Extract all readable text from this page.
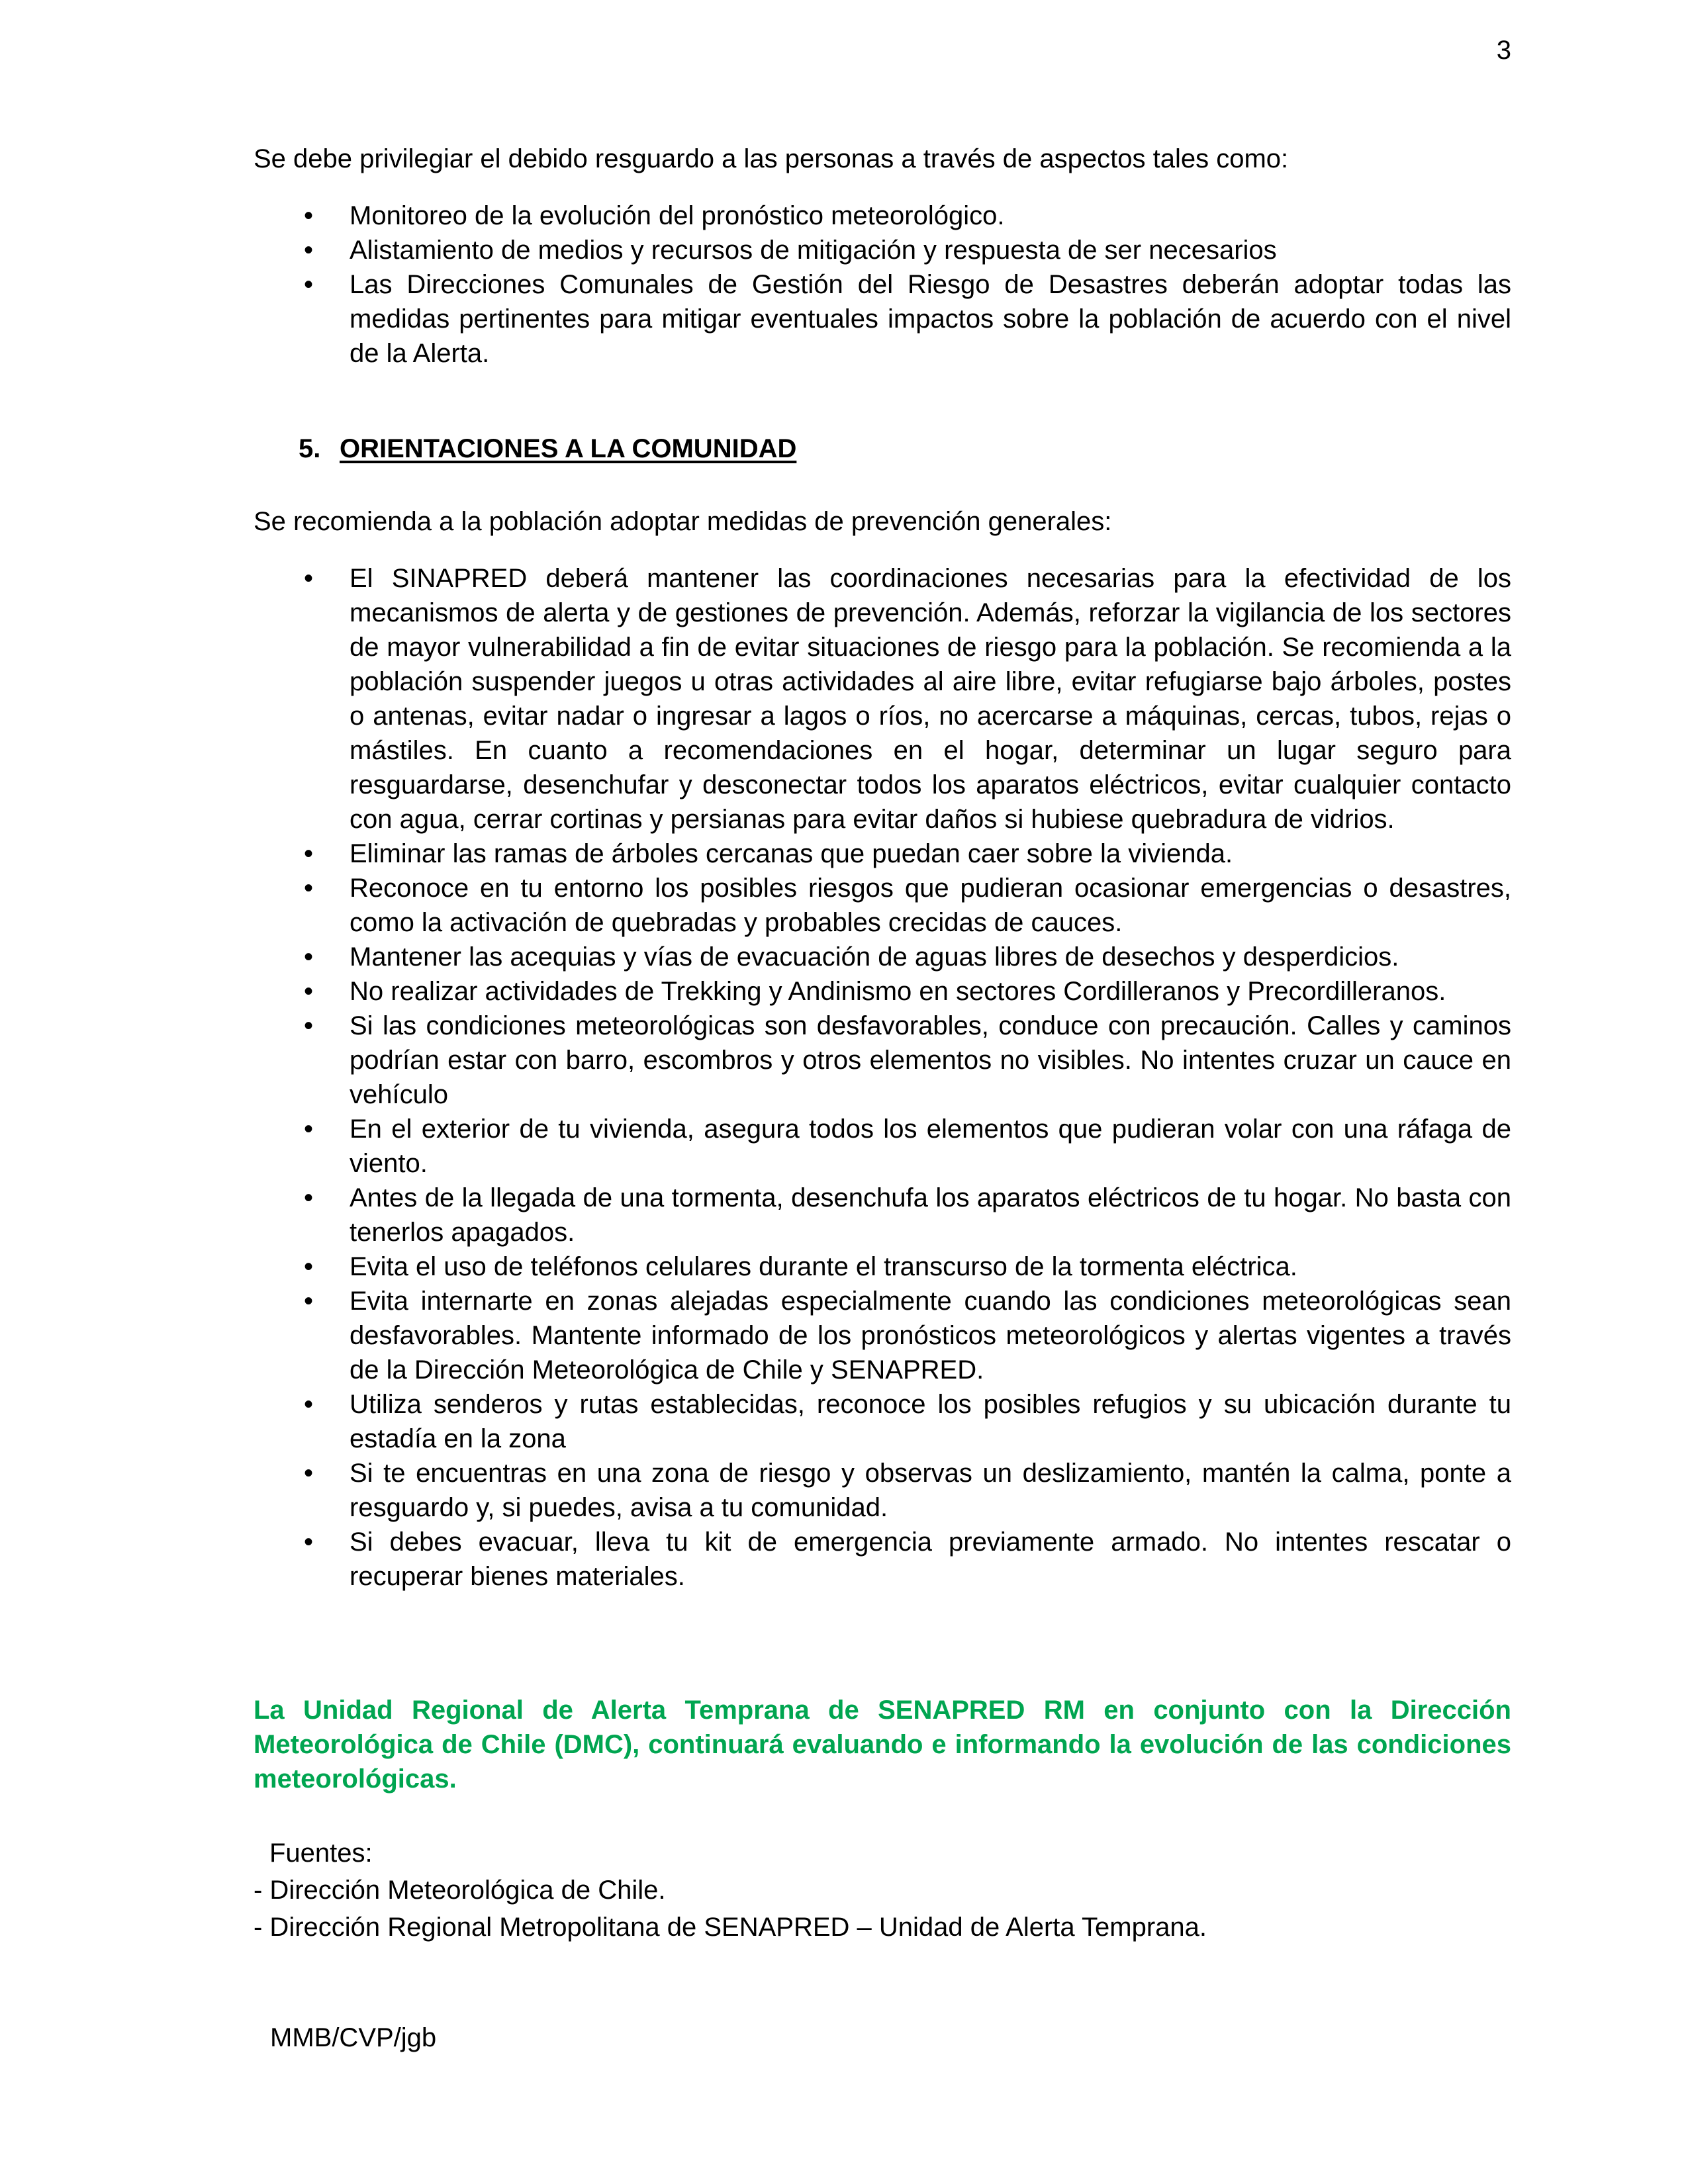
3

Se debe privilegiar el debido resguardo a las personas a través de aspectos tales como:

•	Monitoreo de la evolución del pronóstico meteorológico.
•	Alistamiento de medios y recursos de mitigación y respuesta de ser necesarios
•	Las Direcciones Comunales de Gestión del Riesgo de Desastres deberán adoptar todas las medidas pertinentes para mitigar eventuales impactos sobre la población de acuerdo con el nivel de la Alerta.
5. ORIENTACIONES A LA COMUNIDAD

Se recomienda a la población adoptar medidas de prevención generales:

•	El SINAPRED deberá mantener las coordinaciones necesarias para la efectividad de los mecanismos de alerta y de gestiones de prevención. Además, reforzar la vigilancia de los sectores de mayor vulnerabilidad a fin de evitar situaciones de riesgo para la población. Se recomienda a la población suspender juegos u otras actividades al aire libre, evitar refugiarse bajo árboles, postes o antenas, evitar nadar o ingresar a lagos o ríos, no acercarse a máquinas, cercas, tubos, rejas o mástiles. En cuanto a recomendaciones en el hogar, determinar un lugar seguro para resguardarse, desenchufar y desconectar todos los aparatos eléctricos, evitar cualquier contacto con agua, cerrar cortinas y persianas para evitar daños si hubiese quebradura de vidrios.
•	Eliminar las ramas de árboles cercanas que puedan caer sobre la vivienda.
•	Reconoce en tu entorno los posibles riesgos que pudieran ocasionar emergencias o desastres, como la activación de quebradas y probables crecidas de cauces.
•	Mantener las acequias y vías de evacuación de aguas libres de desechos y desperdicios.
•	No realizar actividades de Trekking y Andinismo en sectores Cordilleranos y Precordilleranos.
•	Si las condiciones meteorológicas son desfavorables, conduce con precaución. Calles y caminos podrían estar con barro, escombros y otros elementos no visibles. No intentes cruzar un cauce en vehículo
•	En el exterior de tu vivienda, asegura todos los elementos que pudieran volar con una ráfaga de viento.
•	Antes de la llegada de una tormenta, desenchufa los aparatos eléctricos de tu hogar. No basta con tenerlos apagados.
•	Evita el uso de teléfonos celulares durante el transcurso de la tormenta eléctrica.
•	Evita internarte en zonas alejadas especialmente cuando las condiciones meteorológicas sean desfavorables. Mantente informado de los pronósticos meteorológicos y alertas vigentes a través de la Dirección Meteorológica de Chile y SENAPRED.
•	Utiliza senderos y rutas establecidas, reconoce los posibles refugios y su ubicación durante tu estadía en la zona
•	Si te encuentras en una zona de riesgo y observas un deslizamiento, mantén la calma, ponte a resguardo y, si puedes, avisa a tu comunidad.
•	Si debes evacuar, lleva tu kit de emergencia previamente armado. No intentes rescatar o recuperar bienes materiales.

La Unidad Regional de Alerta Temprana de SENAPRED RM en conjunto con la Dirección Meteorológica de Chile (DMC), continuará evaluando e informando la evolución de las condiciones meteorológicas.

Fuentes:
- Dirección Meteorológica de Chile.
- Dirección Regional Metropolitana de SENAPRED – Unidad de Alerta Temprana.
MMB/CVP/jgb
